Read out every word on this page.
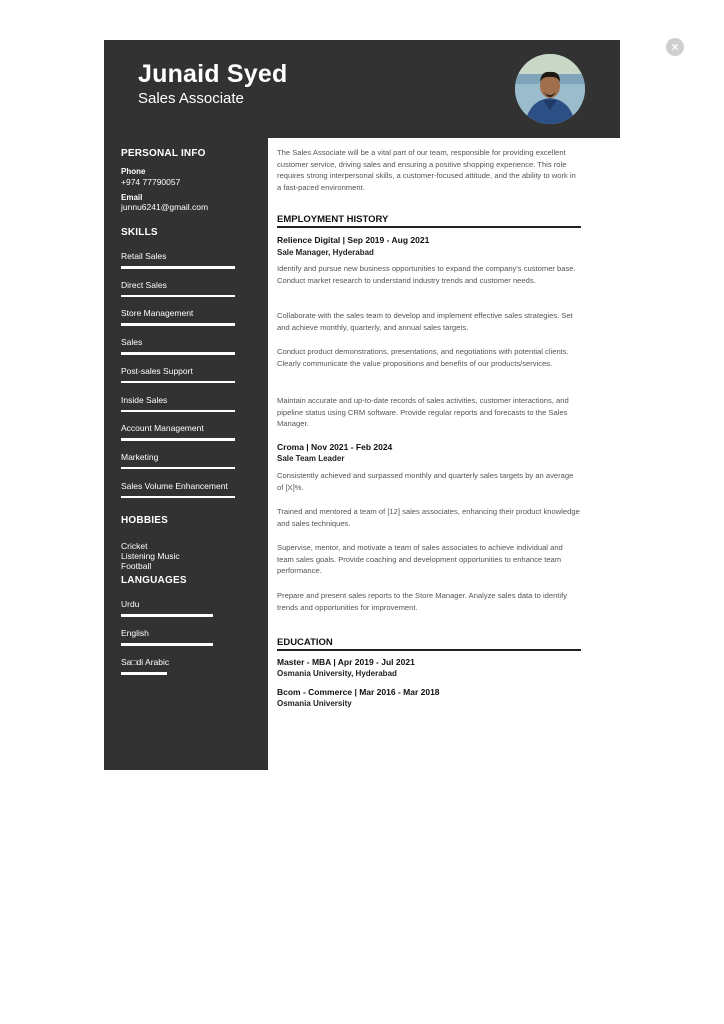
×
Junaid Syed
Sales Associate
PERSONAL INFO
Phone
+974 77790057
Email
junnu6241@gmail.com
SKILLS
Retail Sales
Direct Sales
Store Management
Sales
Post-sales Support
Inside Sales
Account Management
Marketing
Sales Volume Enhancement
HOBBIES
Cricket
Listening Music
Football
LANGUAGES
Urdu
English
Sa□di Arabic
The Sales Associate will be a vital part of our team, responsible for providing excellent customer service, driving sales and ensuring a positive shopping experience. This role requires strong interpersonal skills, a customer-focused attitude, and the ability to work in a fast-paced environment.
EMPLOYMENT HISTORY
Relience Digital | Sep 2019 - Aug 2021
Sale Manager, Hyderabad
Identify and pursue new business opportunities to expand the company's customer base. Conduct market research to understand industry trends and customer needs.
Collaborate with the sales team to develop and implement effective sales strategies. Set and achieve monthly, quarterly, and annual sales targets.
Conduct product demonstrations, presentations, and negotiations with potential clients. Clearly communicate the value propositions and benefits of our products/services.
Maintain accurate and up-to-date records of sales activities, customer interactions, and pipeline status using CRM software. Provide regular reports and forecasts to the Sales Manager.
Croma | Nov 2021 - Feb 2024
Sale Team Leader
Consistently achieved and surpassed monthly and quarterly sales targets by an average of [X]%.
Trained and mentored a team of [12] sales associates, enhancing their product knowledge and sales techniques.
Supervise, mentor, and motivate a team of sales associates to achieve individual and team sales goals. Provide coaching and development opportunities to enhance team performance.
Prepare and present sales reports to the Store Manager. Analyze sales data to identify trends and opportunities for improvement.
EDUCATION
Master - MBA | Apr 2019 - Jul 2021
Osmania University, Hyderabad
Bcom - Commerce | Mar 2016 - Mar 2018
Osmania University
